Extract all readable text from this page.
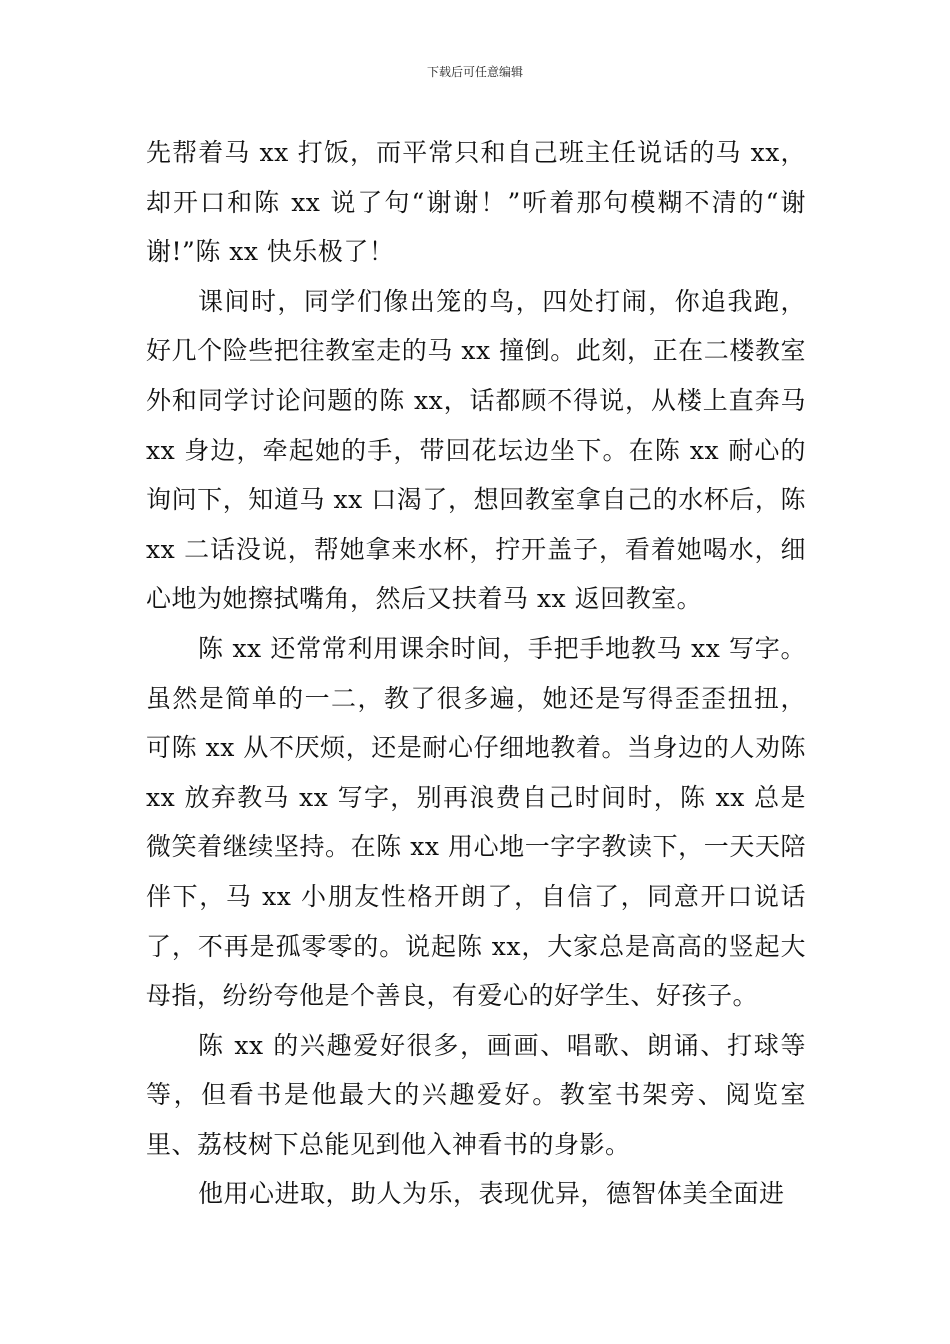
下载后可任意编辑

先帮着马 xx 打饭，而平常只和自己班主任说话的马 xx，却开口和陈 xx 说了句“谢谢！”听着那句模糊不清的“谢谢!”陈 xx 快乐极了！

课间时，同学们像出笼的鸟，四处打闹，你追我跑，好几个险些把往教室走的马 xx 撞倒。此刻，正在二楼教室外和同学讨论问题的陈 xx，话都顾不得说，从楼上直奔马 xx 身边，牵起她的手，带回花坛边坐下。在陈 xx 耐心的询问下，知道马 xx 口渴了，想回教室拿自己的水杯后，陈 xx 二话没说，帮她拿来水杯，拧开盖子，看着她喝水，细心地为她擦拭嘴角，然后又扶着马 xx 返回教室。

陈 xx 还常常利用课余时间，手把手地教马 xx 写字。虽然是简单的一二，教了很多遍，她还是写得歪歪扭扭，可陈 xx 从不厌烦，还是耐心仔细地教着。当身边的人劝陈 xx 放弃教马 xx 写字，别再浪费自己时间时，陈 xx 总是微笑着继续坚持。在陈 xx 用心地一字字教读下，一天天陪伴下，马 xx 小朋友性格开朗了，自信了，同意开口说话了，不再是孤零零的。说起陈 xx，大家总是高高的竖起大母指，纷纷夸他是个善良，有爱心的好学生、好孩子。

陈 xx 的兴趣爱好很多，画画、唱歌、朗诵、打球等等，但看书是他最大的兴趣爱好。教室书架旁、阅览室里、荔枝树下总能见到他入神看书的身影。

他用心进取，助人为乐，表现优异，德智体美全面进
